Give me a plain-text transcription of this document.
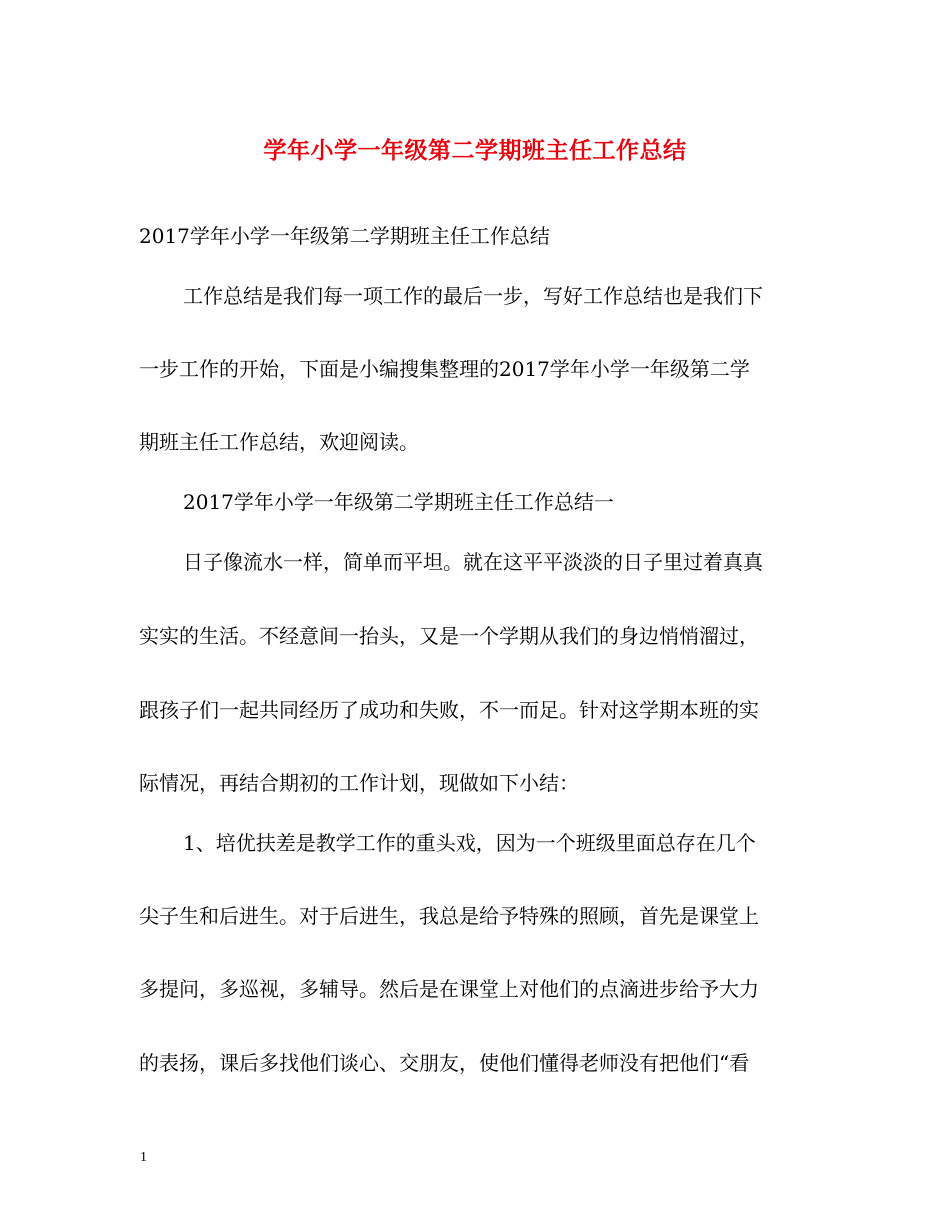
学年小学一年级第二学期班主任工作总结
2017学年小学一年级第二学期班主任工作总结
工作总结是我们每一项工作的最后一步，写好工作总结也是我们下
一步工作的开始，下面是小编搜集整理的2017学年小学一年级第二学
期班主任工作总结，欢迎阅读。
2017学年小学一年级第二学期班主任工作总结一
日子像流水一样，简单而平坦。就在这平平淡淡的日子里过着真真
实实的生活。不经意间一抬头，又是一个学期从我们的身边悄悄溜过，
跟孩子们一起共同经历了成功和失败，不一而足。针对这学期本班的实
际情况，再结合期初的工作计划，现做如下小结：
1、培优扶差是教学工作的重头戏，因为一个班级里面总存在几个
尖子生和后进生。对于后进生，我总是给予特殊的照顾，首先是课堂上
多提问，多巡视，多辅导。然后是在课堂上对他们的点滴进步给予大力
的表扬，课后多找他们谈心、交朋友，使他们懂得老师没有把他们“看
1
